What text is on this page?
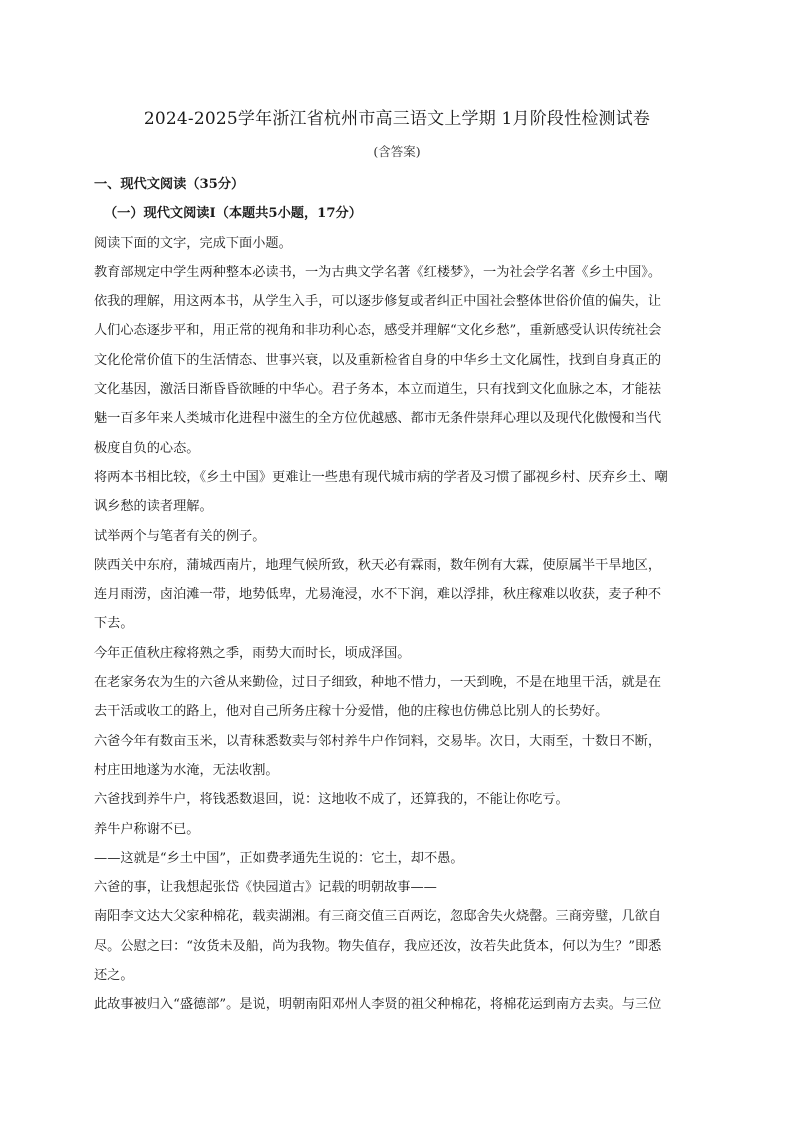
2024-2025学年浙江省杭州市高三语文上学期 1月阶段性检测试卷
(含答案)

一、现代文阅读（35分）

（一）现代文阅读Ⅰ（本题共5小题，17分）

阅读下面的文字，完成下面小题。

教育部规定中学生两种整本必读书，一为古典文学名著《红楼梦》，一为社会学名著《乡土中国》。

依我的理解，用这两本书，从学生入手，可以逐步修复或者纠正中国社会整体世俗价值的偏失，让

人们心态逐步平和，用正常的视角和非功利心态，感受并理解“文化乡愁”，重新感受认识传统社会

文化伦常价值下的生活情态、世事兴衰，以及重新检省自身的中华乡土文化属性，找到自身真正的

文化基因，激活日渐昏昏欲睡的中华心。君子务本，本立而道生，只有找到文化血脉之本，才能祛

魅一百多年来人类城市化进程中滋生的全方位优越感、都市无条件崇拜心理以及现代化傲慢和当代

极度自负的心态。

将两本书相比较，《乡土中国》更难让一些患有现代城市病的学者及习惯了鄙视乡村、厌弃乡土、嘲

讽乡愁的读者理解。

试举两个与笔者有关的例子。

陕西关中东府，蒲城西南片，地理气候所致，秋天必有霖雨，数年例有大霖，使原属半干旱地区，

连月雨涝，卤泊滩一带，地势低卑，尤易淹浸，水不下润，难以浮排，秋庄稼难以收获，麦子种不

下去。

今年正值秋庄稼将熟之季，雨势大而时长，顷成泽国。

在老家务农为生的六爸从来勤俭，过日子细致，种地不惜力，一天到晚，不是在地里干活，就是在

去干活或收工的路上，他对自己所务庄稼十分爱惜，他的庄稼也仿佛总比别人的长势好。

六爸今年有数亩玉米，以青秣悉数卖与邻村养牛户作饲料，交易毕。次日，大雨至，十数日不断，

村庄田地遂为水淹，无法收割。

六爸找到养牛户，将钱悉数退回，说：这地收不成了，还算我的，不能让你吃亏。

养牛户称谢不已。

——这就是“乡土中国”，正如费孝通先生说的：它土，却不愚。

六爸的事，让我想起张岱《快园道古》记载的明朝故事——

南阳李文达大父家种棉花，载卖湖湘。有三商交值三百两讫，忽邸舍失火烧罄。三商旁璧，几欲自

尽。公慰之曰：“汝货未及船，尚为我物。物失值存，我应还汝，汝若失此货本，何以为生？”即悉

还之。

此故事被归入“盛德部”。是说，明朝南阳邓州人李贤的祖父种棉花，将棉花运到南方去卖。与三位
